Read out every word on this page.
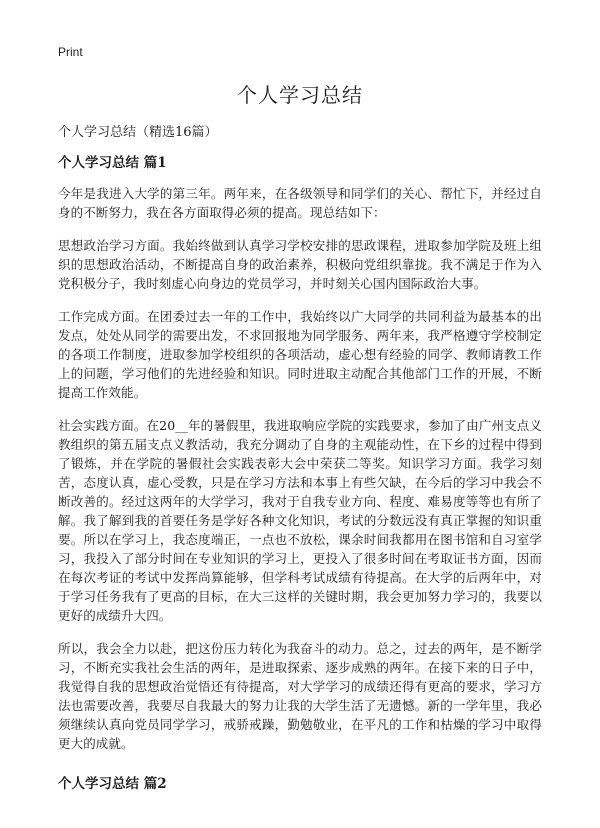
Print
个人学习总结
个人学习总结（精选16篇）
个人学习总结 篇1

今年是我进入大学的第三年。两年来，在各级领导和同学们的关心、帮忙下，并经过自身的不断努力，我在各方面取得必须的提高。现总结如下：

思想政治学习方面。我始终做到认真学习学校安排的思政课程，进取参加学院及班上组织的思想政治活动，不断提高自身的政治素养，积极向党组织靠拢。我不满足于作为入党积极分子，我时刻虚心向身边的党员学习，并时刻关心国内国际政治大事。

工作完成方面。在团委过去一年的工作中，我始终以广大同学的共同利益为最基本的出发点，处处从同学的需要出发，不求回报地为同学服务、两年来，我严格遵守学校制定的各项工作制度，进取参加学校组织的各项活动，虚心想有经验的同学、教师请教工作上的问题，学习他们的先进经验和知识。同时进取主动配合其他部门工作的开展，不断提高工作效能。

社会实践方面。在20__年的暑假里，我进取响应学院的实践要求，参加了由广州支点义教组织的第五届支点义教活动，我充分调动了自身的主观能动性，在下乡的过程中得到了锻炼，并在学院的暑假社会实践表彰大会中荣获二等奖。知识学习方面。我学习刻苦，态度认真，虚心受教，只是在学习方法和本事上有些欠缺，在今后的学习中我会不断改善的。经过这两年的大学学习，我对于自我专业方向、程度、难易度等等也有所了解。我了解到我的首要任务是学好各种文化知识，考试的分数远没有真正掌握的知识重要。所以在学习上，我态度端正，一点也不放松，课余时间我都用在图书馆和自习室学习，我投入了部分时间在专业知识的学习上，更投入了很多时间在考取证书方面，因而在每次考证的考试中发挥尚算能够，但学科考试成绩有待提高。在大学的后两年中，对于学习任务我有了更高的目标，在大三这样的关键时期，我会更加努力学习的，我要以更好的成绩升大四。

所以，我会全力以赴，把这份压力转化为我奋斗的动力。总之，过去的两年，是不断学习，不断充实我社会生活的两年，是进取探索、逐步成熟的两年。在接下来的日子中，我觉得自我的思想政治觉悟还有待提高，对大学学习的成绩还得有更高的要求，学习方法也需要改善，我要尽自我最大的努力让我的大学生活了无遗憾。新的一学年里，我必须继续认真向党员同学学习，戒骄戒躁，勤勉敬业，在平凡的工作和枯燥的学习中取得更大的成就。

个人学习总结 篇2
